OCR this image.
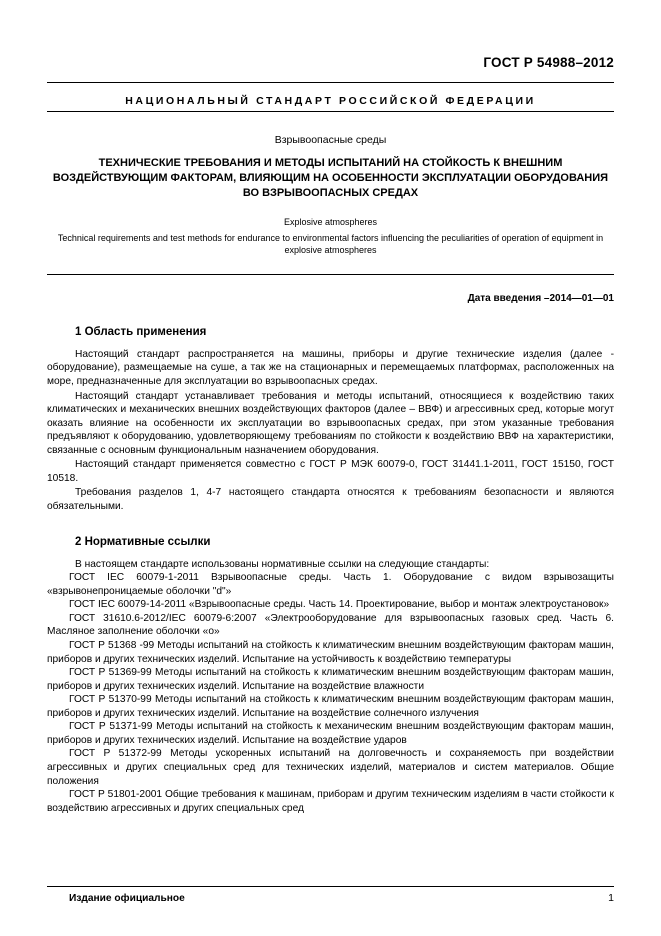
ГОСТ Р 54988–2012
НАЦИОНАЛЬНЫЙ СТАНДАРТ РОССИЙСКОЙ ФЕДЕРАЦИИ
Взрывоопасные среды
ТЕХНИЧЕСКИЕ ТРЕБОВАНИЯ И МЕТОДЫ ИСПЫТАНИЙ НА СТОЙКОСТЬ К ВНЕШНИМ ВОЗДЕЙСТВУЮЩИМ ФАКТОРАМ, ВЛИЯЮЩИМ НА ОСОБЕННОСТИ ЭКСПЛУАТАЦИИ ОБОРУДОВАНИЯ ВО ВЗРЫВООПАСНЫХ СРЕДАХ
Explosive atmospheres
Technical requirements and test methods for endurance to environmental factors influencing the peculiarities of operation of equipment in explosive atmospheres
Дата введения –2014—01—01
1 Область применения

Настоящий стандарт распространяется на машины, приборы и другие технические изделия (далее - оборудование), размещаемые на суше, а так же на стационарных и перемещаемых платформах, расположенных на море, предназначенные для эксплуатации во взрывоопасных средах.

Настоящий стандарт устанавливает требования и методы испытаний, относящиеся к воздействию таких климатических и механических внешних воздействующих факторов (далее – ВВФ) и агрессивных сред, которые могут оказать влияние на особенности их эксплуатации во взрывоопасных средах, при этом указанные требования предъявляют к оборудованию, удовлетворяющему требованиям по стойкости к воздействию ВВФ на характеристики, связанные с основным функциональным назначением оборудования.

Настоящий стандарт применяется совместно с ГОСТ Р МЭК 60079-0, ГОСТ 31441.1-2011, ГОСТ 15150, ГОСТ 10518.

Требования разделов 1, 4-7 настоящего стандарта относятся к требованиям безопасности и являются обязательными.

2 Нормативные ссылки

В настоящем стандарте использованы нормативные ссылки на следующие стандарты:

ГОСТ IEC 60079-1-2011 Взрывоопасные среды. Часть 1. Оборудование с видом взрывозащиты «взрывонепроницаемые оболочки "d"»

ГОСТ IEC 60079-14-2011 «Взрывоопасные среды. Часть 14. Проектирование, выбор и монтаж электроустановок»

ГОСТ 31610.6-2012/IEC 60079-6:2007 «Электрооборудование для взрывоопасных газовых сред. Часть 6. Масляное заполнение оболочки «о»

ГОСТ Р 51368 -99 Методы испытаний на стойкость к климатическим внешним воздействующим факторам машин, приборов и других технических изделий. Испытание на устойчивость к воздействию температуры

ГОСТ Р 51369-99 Методы испытаний на стойкость к климатическим внешним воздействующим факторам машин, приборов и других технических изделий. Испытание на воздействие влажности

ГОСТ Р 51370-99 Методы испытаний на стойкость к климатическим внешним воздействующим факторам машин, приборов и других технических изделий. Испытание на воздействие солнечного излучения

ГОСТ Р 51371-99 Методы испытаний на стойкость к механическим внешним воздействующим факторам машин, приборов и других технических изделий. Испытание на воздействие ударов

ГОСТ Р 51372-99 Методы ускоренных испытаний на долговечность и сохраняемость при воздействии агрессивных и других специальных сред для технических изделий, материалов и систем материалов. Общие положения

ГОСТ Р 51801-2001 Общие требования к машинам, приборам и другим техническим изделиям в части стойкости к воздействию агрессивных и других специальных сред

Издание официальное	1
